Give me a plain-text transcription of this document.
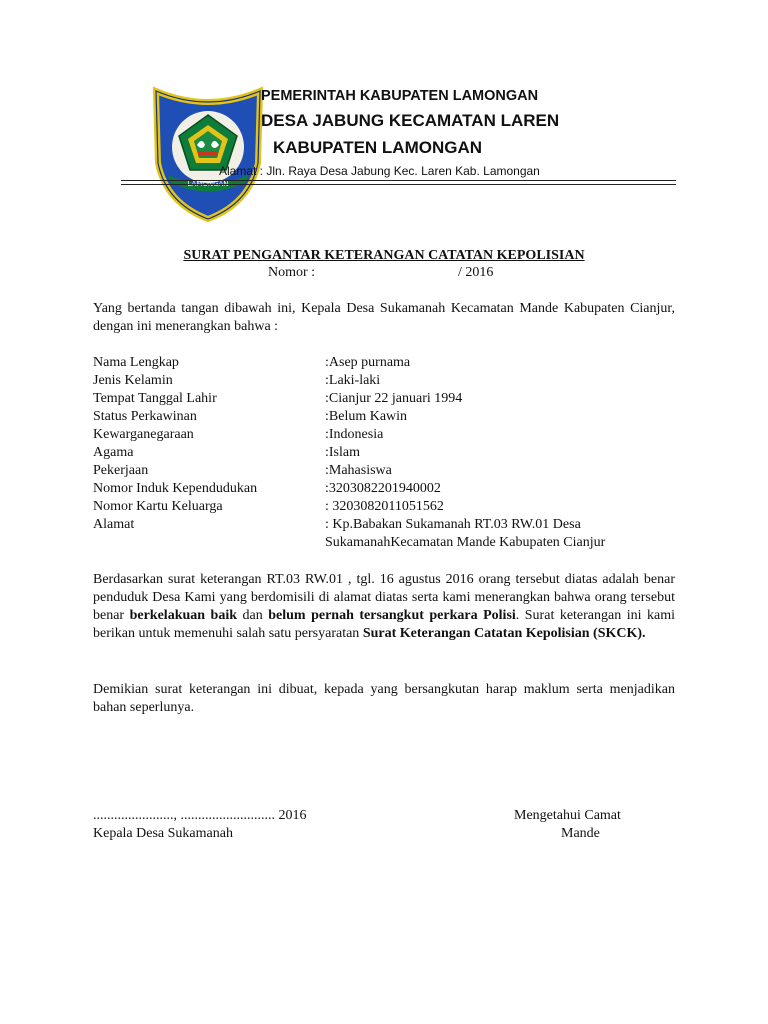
LAMONGAN
PEMERINTAH KABUPATEN LAMONGAN
DESA JABUNG KECAMATAN LAREN
KABUPATEN LAMONGAN
Alamat : Jln. Raya Desa Jabung Kec. Laren Kab. Lamongan
SURAT PENGANTAR KETERANGAN CATATAN KEPOLISIAN
Nomor :	/ 2016
Yang bertanda tangan dibawah ini, Kepala Desa Sukamanah Kecamatan Mande Kabupaten Cianjur, dengan ini menerangkan bahwa :
Nama Lengkap	:Asep purnama
Jenis Kelamin	:Laki-laki
Tempat Tanggal Lahir	:Cianjur 22 januari 1994
Status Perkawinan	:Belum Kawin
Kewarganegaraan	:Indonesia
Agama	:Islam
Pekerjaan	:Mahasiswa
Nomor Induk Kependudukan	:3203082201940002
Nomor Kartu Keluarga	: 3203082011051562
Alamat	: Kp.Babakan Sukamanah RT.03 RW.01 Desa
SukamanahKecamatan Mande Kabupaten Cianjur
Berdasarkan surat keterangan RT.03 RW.01 , tgl. 16 agustus 2016 orang tersebut diatas adalah benar penduduk Desa Kami yang berdomisili di alamat diatas serta kami menerangkan bahwa orang tersebut benar berkelakuan baik dan belum pernah tersangkut perkara Polisi. Surat keterangan ini kami berikan untuk memenuhi salah satu persyaratan Surat Keterangan Catatan Kepolisian (SKCK).
Demikian surat keterangan ini dibuat, kepada yang bersangkutan harap maklum serta menjadikan bahan seperlunya.
......................., ........................... 2016
Kepala Desa Sukamanah
Mengetahui Camat
Mande
